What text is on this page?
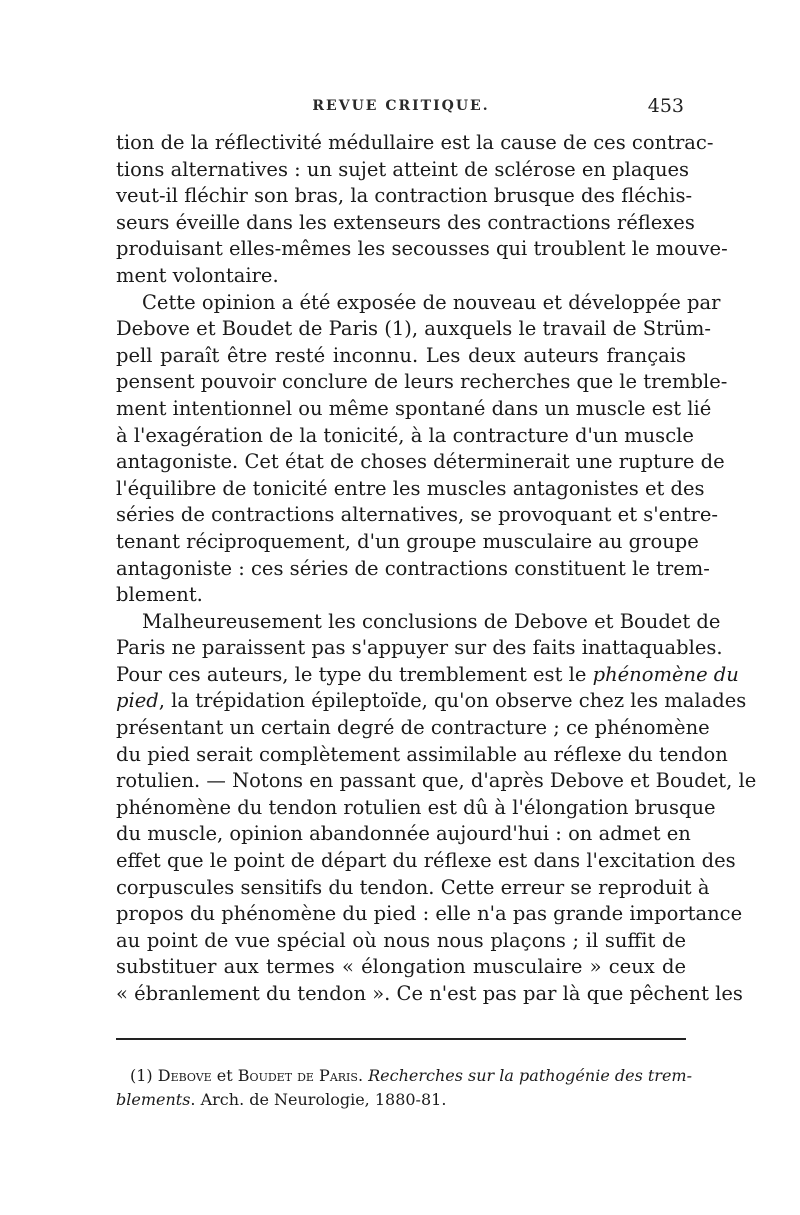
REVUE CRITIQUE.	453
tion de la réflectivité médullaire est la cause de ces contrac-
tions alternatives : un sujet atteint de sclérose en plaques
veut-il fléchir son bras, la contraction brusque des fléchis-
seurs éveille dans les extenseurs des contractions réflexes
produisant elles-mêmes les secousses qui troublent le mouve-
ment volontaire.
Cette opinion a été exposée de nouveau et développée par
Debove et Boudet de Paris (1), auxquels le travail de Strüm-
pell paraît être resté inconnu. Les deux auteurs français
pensent pouvoir conclure de leurs recherches que le tremble-
ment intentionnel ou même spontané dans un muscle est lié
à l'exagération de la tonicité, à la contracture d'un muscle
antagoniste. Cet état de choses déterminerait une rupture de
l'équilibre de tonicité entre les muscles antagonistes et des
séries de contractions alternatives, se provoquant et s'entre-
tenant réciproquement, d'un groupe musculaire au groupe
antagoniste : ces séries de contractions constituent le trem-
blement.
Malheureusement les conclusions de Debove et Boudet de
Paris ne paraissent pas s'appuyer sur des faits inattaquables.
Pour ces auteurs, le type du tremblement est le phénomène du
pied, la trépidation épileptoïde, qu'on observe chez les malades
présentant un certain degré de contracture ; ce phénomène
du pied serait complètement assimilable au réflexe du tendon
rotulien. — Notons en passant que, d'après Debove et Boudet, le
phénomène du tendon rotulien est dû à l'élongation brusque
du muscle, opinion abandonnée aujourd'hui : on admet en
effet que le point de départ du réflexe est dans l'excitation des
corpuscules sensitifs du tendon. Cette erreur se reproduit à
propos du phénomène du pied : elle n'a pas grande importance
au point de vue spécial où nous nous plaçons ; il suffit de
substituer aux termes « élongation musculaire » ceux de
« ébranlement du tendon ». Ce n'est pas par là que pêchent les
(1) Debove et Boudet de Paris. Recherches sur la pathogénie des trem-
blements. Arch. de Neurologie, 1880-81.
